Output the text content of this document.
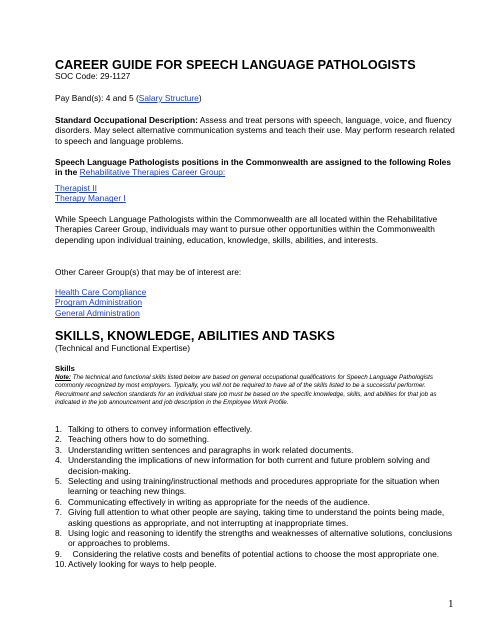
CAREER GUIDE FOR SPEECH LANGUAGE PATHOLOGISTS
SOC Code: 29-1127
Pay Band(s): 4 and 5 (Salary Structure)

Standard Occupational Description: Assess and treat persons with speech, language, voice, and fluency disorders. May select alternative communication systems and teach their use. May perform research related to speech and language problems.

Speech Language Pathologists positions in the Commonwealth are assigned to the following Roles in the Rehabilitative Therapies Career Group:

Therapist II
Therapy Manager I

While Speech Language Pathologists within the Commonwealth are all located within the Rehabilitative Therapies Career Group, individuals may want to pursue other opportunities within the Commonwealth depending upon individual training, education, knowledge, skills, abilities, and interests.

Other Career Group(s) that may be of interest are:
Health Care Compliance
Program Administration
General Administration
SKILLS, KNOWLEDGE, ABILITIES AND TASKS
(Technical and Functional Expertise)
Skills

Note: The technical and functional skills listed below are based on general occupational qualifications for Speech Language Pathologists commonly recognized by most employers. Typically, you will not be required to have all of the skills listed to be a successful performer. Recruitment and selection standards for an individual state job must be based on the specific knowledge, skills, and abilities for that job as indicated in the job announcement and job description in the Employee Work Profile.

1. Talking to others to convey information effectively.
2. Teaching others how to do something.
3. Understanding written sentences and paragraphs in work related documents.
4. Understanding the implications of new information for both current and future problem solving and decision-making.
5. Selecting and using training/instructional methods and procedures appropriate for the situation when learning or teaching new things.
6. Communicating effectively in writing as appropriate for the needs of the audience.
7. Giving full attention to what other people are saying, taking time to understand the points being made, asking questions as appropriate, and not interrupting at inappropriate times.
8. Using logic and reasoning to identify the strengths and weaknesses of alternative solutions, conclusions or approaches to problems.
9. Considering the relative costs and benefits of potential actions to choose the most appropriate one.
10. Actively looking for ways to help people.
1
